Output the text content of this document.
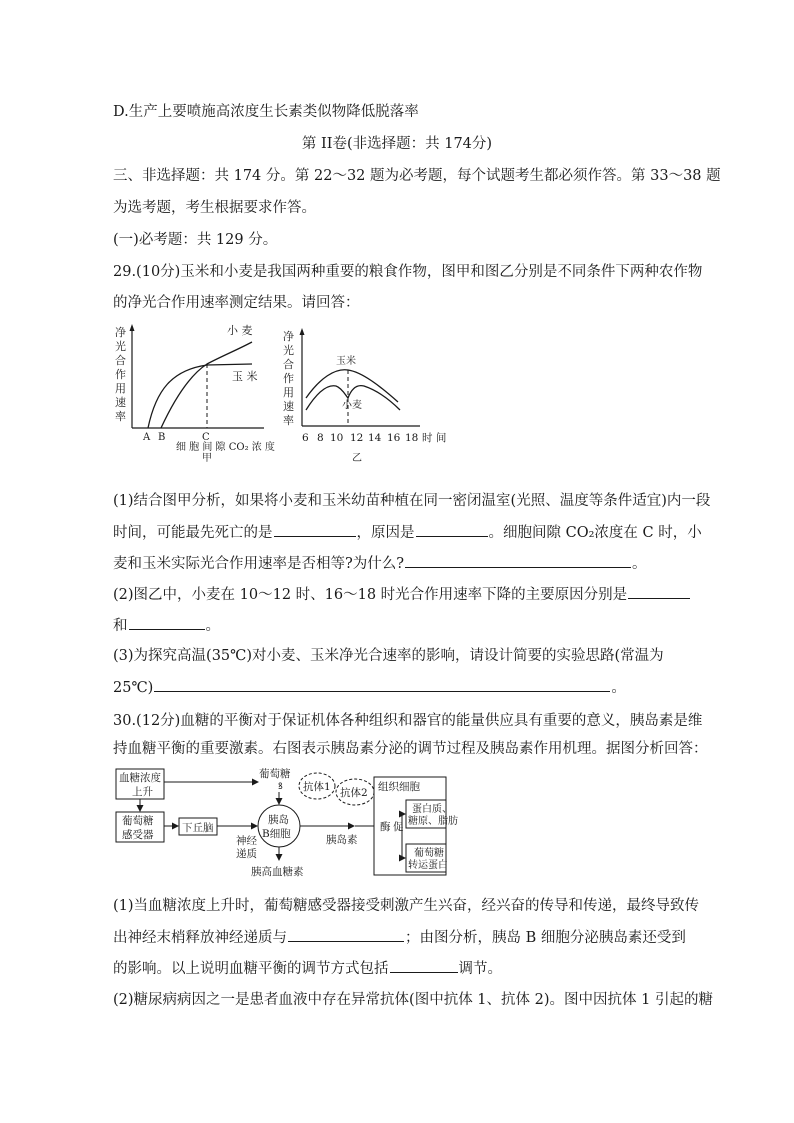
D.生产上要喷施高浓度生长素类似物降低脱落率
第 II卷(非选择题：共 174分)
三、非选择题：共 174 分。第 22～32 题为必考题，每个试题考生都必须作答。第 33～38 题
为选考题，考生根据要求作答。
(一)必考题：共 129 分。
29.(10分)玉米和小麦是我国两种重要的粮食作物，图甲和图乙分别是不同条件下两种农作物
的净光合作用速率测定结果。请回答：
净
光
合
作
用
速
率
小 麦
玉 米
A B	C
细 胞 间 隙 CO₂ 浓 度
甲
净
光
合
作
用
速
率
玉米
小麦
6 8 10 12 14 16 18 时 间
乙
(1)结合图甲分析，如果将小麦和玉米幼苗种植在同一密闭温室(光照、温度等条件适宜)内一段
时间，可能最先死亡的是	，原因是	。细胞间隙 CO₂浓度在 C 时，小
麦和玉米实际光合作用速率是否相等?为什么?	。
(2)图乙中，小麦在 10～12 时、16～18 时光合作用速率下降的主要原因分别是
和	。
(3)为探究高温(35℃)对小麦、玉米净光合速率的影响，请设计简要的实验思路(常温为
25℃)	。
30.(12分)血糖的平衡对于保证机体各种组织和器官的能量供应具有重要的意义，胰岛素是维
持血糖平衡的重要激素。右图表示胰岛素分泌的调节过程及胰岛素作用机理。据图分析回答：
血糖浓度
上升
葡萄糖
感受器
下丘脑
神经
递质
胰岛
B细胞
葡萄糖
ꝸ 抗体1 抗体2
胰岛素
胰高血糖素
组织细胞
酶 促
蛋白质、
糖原、脂肪
葡萄糖
转运蛋白
(1)当血糖浓度上升时，葡萄糖感受器接受刺激产生兴奋，经兴奋的传导和传递，最终导致传
出神经末梢释放神经递质与	；由图分析，胰岛 B 细胞分泌胰岛素还受到
的影响。以上说明血糖平衡的调节方式包括	调节。
(2)糖尿病病因之一是患者血液中存在异常抗体(图中抗体 1、抗体 2)。图中因抗体 1 引起的糖
